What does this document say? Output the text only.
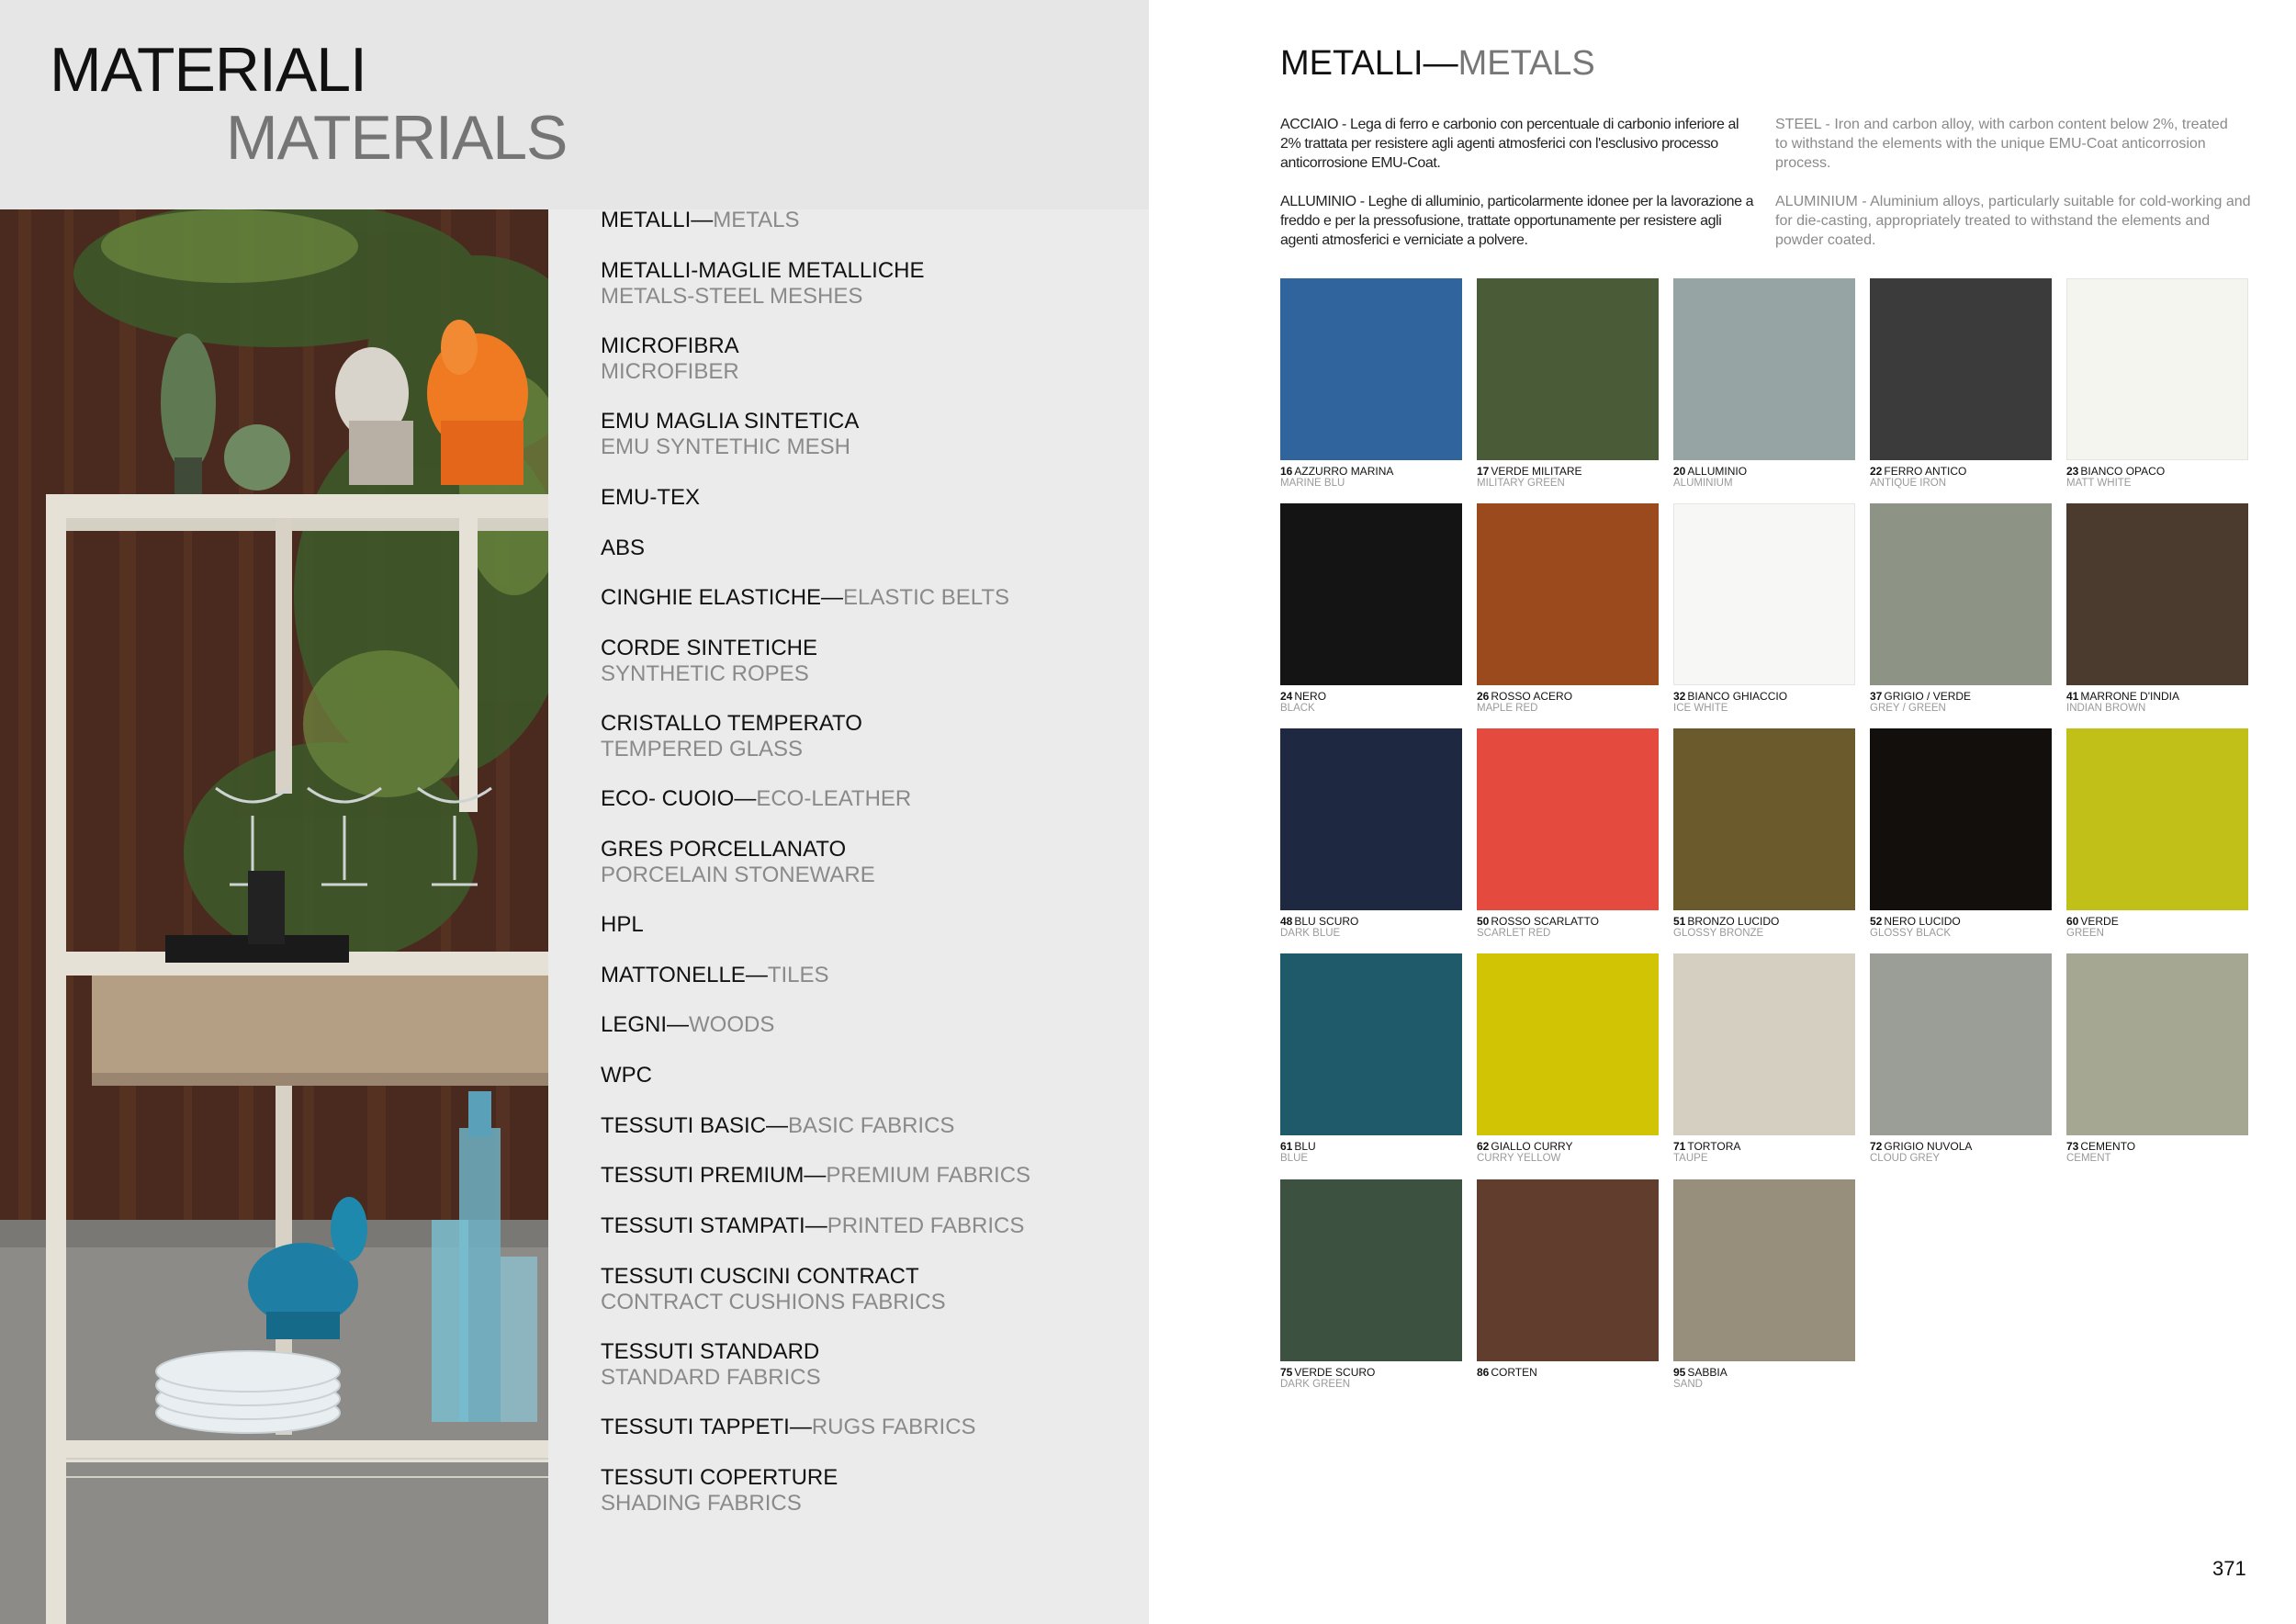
MATERIALI
MATERIALS
METALLI—METALS
METALLI-MAGLIE METALLICHE
METALS-STEEL MESHES
MICROFIBRA
MICROFIBER
EMU MAGLIA SINTETICA
EMU SYNTETHIC MESH
EMU-TEX
ABS
CINGHIE ELASTICHE—ELASTIC BELTS
CORDE SINTETICHE
SYNTHETIC ROPES
CRISTALLO TEMPERATO
TEMPERED GLASS
ECO- CUOIO—ECO-LEATHER
GRES PORCELLANATO
PORCELAIN STONEWARE
HPL
MATTONELLE—TILES
LEGNI—WOODS
WPC
TESSUTI BASIC—BASIC FABRICS
TESSUTI PREMIUM—PREMIUM FABRICS
TESSUTI STAMPATI—PRINTED FABRICS
TESSUTI CUSCINI CONTRACT
CONTRACT CUSHIONS FABRICS
TESSUTI STANDARD
STANDARD FABRICS
TESSUTI TAPPETI—RUGS FABRICS
TESSUTI COPERTURE
SHADING FABRICS
METALLI—METALS
ACCIAIO - Lega di ferro e carbonio con percentuale di carbonio inferiore al 2% trattata per resistere agli agenti atmosferici con l'esclusivo processo anticorrosione EMU-Coat.
STEEL - Iron and carbon alloy, with carbon content below 2%, treated to withstand the elements with the unique EMU-Coat anticorrosion process.
ALLUMINIO - Leghe di alluminio, particolarmente idonee per la lavorazione a freddo e per la pressofusione, trattate opportunamente per resistere agli agenti atmosferici e verniciate a polvere.
ALUMINIUM - Aluminium alloys, particularly suitable for cold-working and for die-casting, appropriately treated to withstand the elements and powder coated.
16 AZZURRO MARINA
MARINE BLU
17 VERDE MILITARE
MILITARY GREEN
20 ALLUMINIO
ALUMINIUM
22 FERRO ANTICO
ANTIQUE IRON
23 BIANCO OPACO
MATT WHITE
24 NERO
BLACK
26 ROSSO ACERO
MAPLE RED
32 BIANCO GHIACCIO
ICE WHITE
37 GRIGIO / VERDE
GREY / GREEN
41 MARRONE D'INDIA
INDIAN BROWN
48 BLU SCURO
DARK BLUE
50 ROSSO SCARLATTO
SCARLET RED
51 BRONZO LUCIDO
GLOSSY BRONZE
52 NERO LUCIDO
GLOSSY BLACK
60 VERDE
GREEN
61 BLU
BLUE
62 GIALLO CURRY
CURRY YELLOW
71 TORTORA
TAUPE
72 GRIGIO NUVOLA
CLOUD GREY
73 CEMENTO
CEMENT
75 VERDE SCURO
DARK GREEN
86 CORTEN	95 SABBIA
SAND
371
